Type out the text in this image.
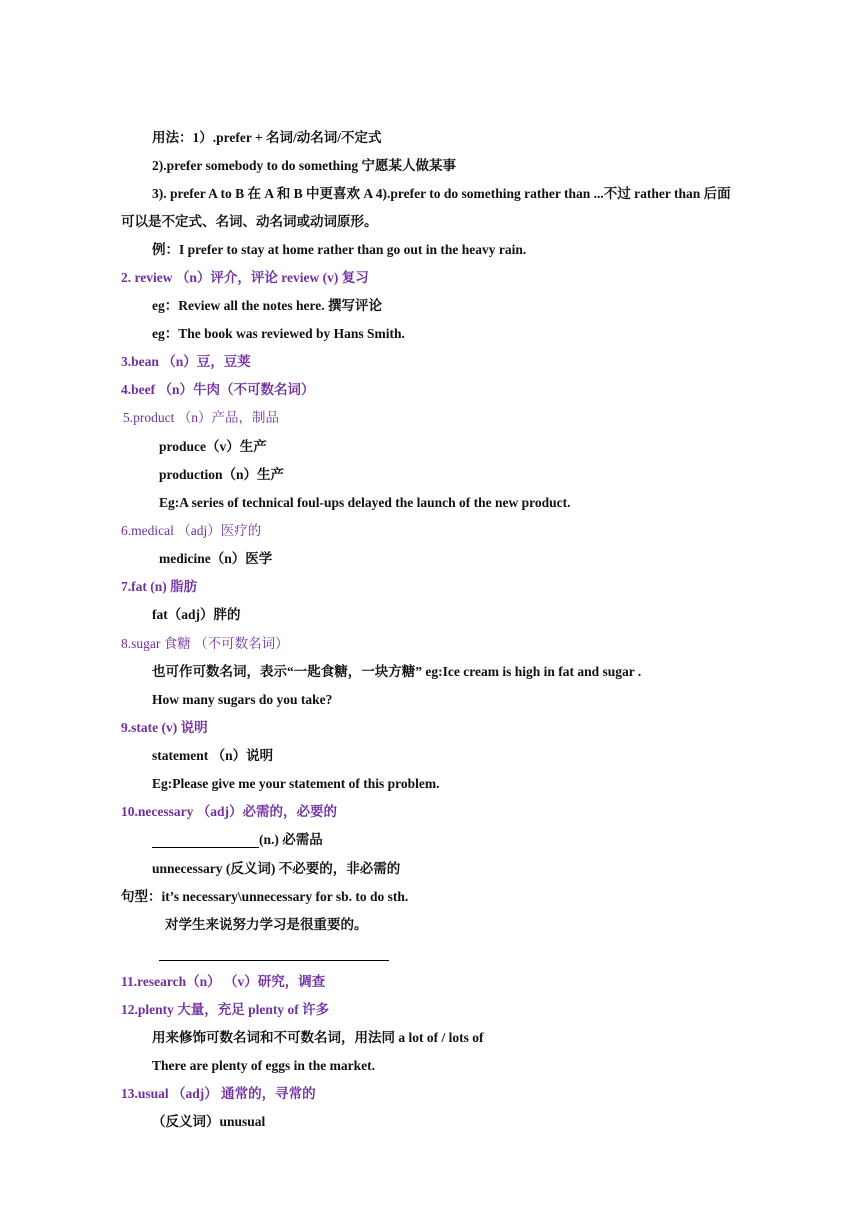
用法：1）.prefer + 名词/动名词/不定式
2).prefer somebody to do something 宁愿某人做某事
3). prefer A to B 在 A 和 B 中更喜欢 A 4).prefer to do something rather than ...不过 rather than 后面
可以是不定式、名词、动名词或动词原形。
例：I prefer to stay at home rather than go out in the heavy rain.
2. review （n）评介，评论 review (v) 复习
eg：Review all the notes here. 撰写评论
eg：The book was reviewed by Hans Smith.
3.bean （n）豆，豆荚
4.beef （n）牛肉（不可数名词）
5.product （n）产品，制品
produce（v）生产
production（n）生产
Eg:A series of technical foul-ups delayed the launch of the new product.
6.medical （adj）医疗的
medicine（n）医学
7.fat (n) 脂肪
fat（adj）胖的
8.sugar 食糖 （不可数名词）
也可作可数名词，表示“一匙食糖，一块方糖” eg:Ice cream is high in fat and sugar .
How many sugars do you take?
9.state (v) 说明
statement （n）说明
Eg:Please give me your statement of this problem.
10.necessary （adj）必需的，必要的
(n.) 必需品
unnecessary (反义词) 不必要的，非必需的
句型：it’s necessary\unnecessary for sb. to do sth.
对学生来说努力学习是很重要的。
11.research（n） （v）研究，调查
12.plenty 大量，充足 plenty of 许多
用来修饰可数名词和不可数名词，用法同 a lot of / lots of
There are plenty of eggs in the market.
13.usual （adj） 通常的，寻常的
（反义词）unusual
